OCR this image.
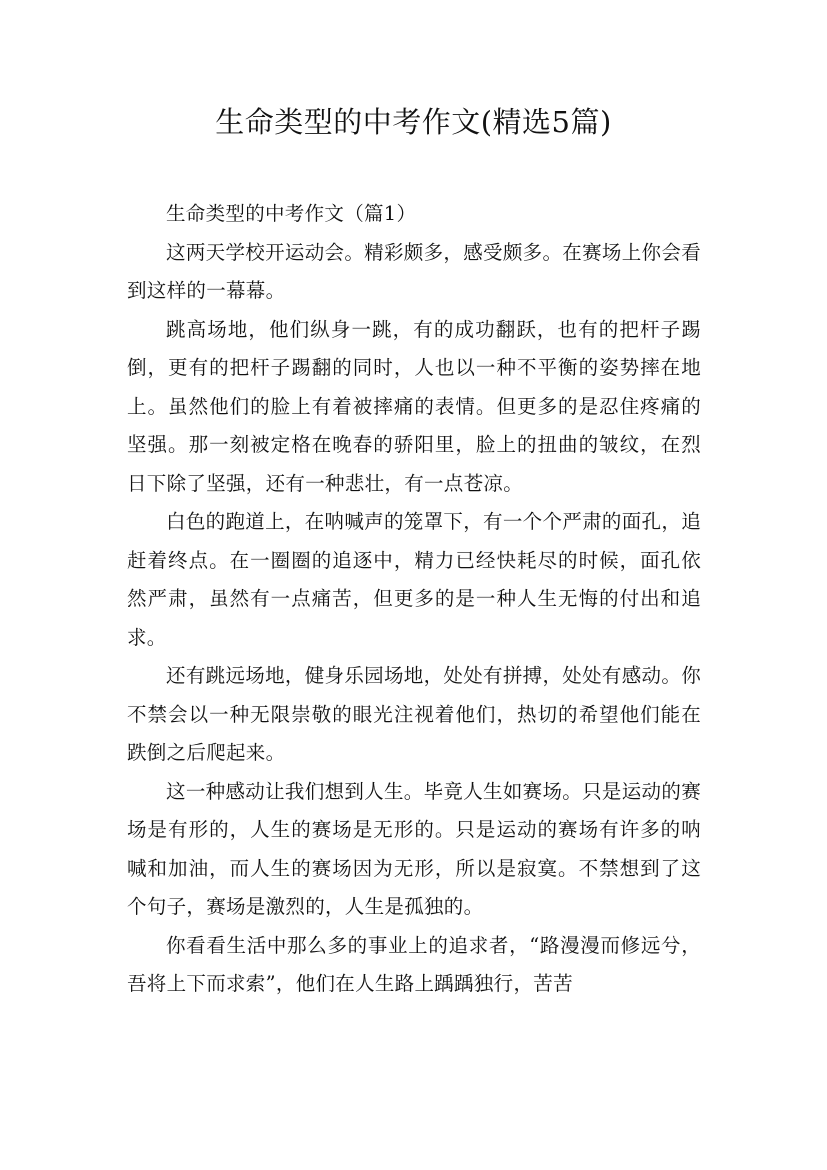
生命类型的中考作文(精选5篇)

生命类型的中考作文（篇1）

这两天学校开运动会。精彩颇多，感受颇多。在赛场上你会看到这样的一幕幕。

跳高场地，他们纵身一跳，有的成功翻跃，也有的把杆子踢倒，更有的把杆子踢翻的同时，人也以一种不平衡的姿势摔在地上。虽然他们的脸上有着被摔痛的表情。但更多的是忍住疼痛的坚强。那一刻被定格在晚春的骄阳里，脸上的扭曲的皱纹，在烈日下除了坚强，还有一种悲壮，有一点苍凉。

白色的跑道上，在呐喊声的笼罩下，有一个个严肃的面孔，追赶着终点。在一圈圈的追逐中，精力已经快耗尽的时候，面孔依然严肃，虽然有一点痛苦，但更多的是一种人生无悔的付出和追求。

还有跳远场地，健身乐园场地，处处有拼搏，处处有感动。你不禁会以一种无限崇敬的眼光注视着他们，热切的希望他们能在跌倒之后爬起来。

这一种感动让我们想到人生。毕竟人生如赛场。只是运动的赛场是有形的，人生的赛场是无形的。只是运动的赛场有许多的呐喊和加油，而人生的赛场因为无形，所以是寂寞。不禁想到了这个句子，赛场是激烈的，人生是孤独的。

你看看生活中那么多的事业上的追求者，“路漫漫而修远兮，吾将上下而求索”，他们在人生路上踽踽独行，苦苦
